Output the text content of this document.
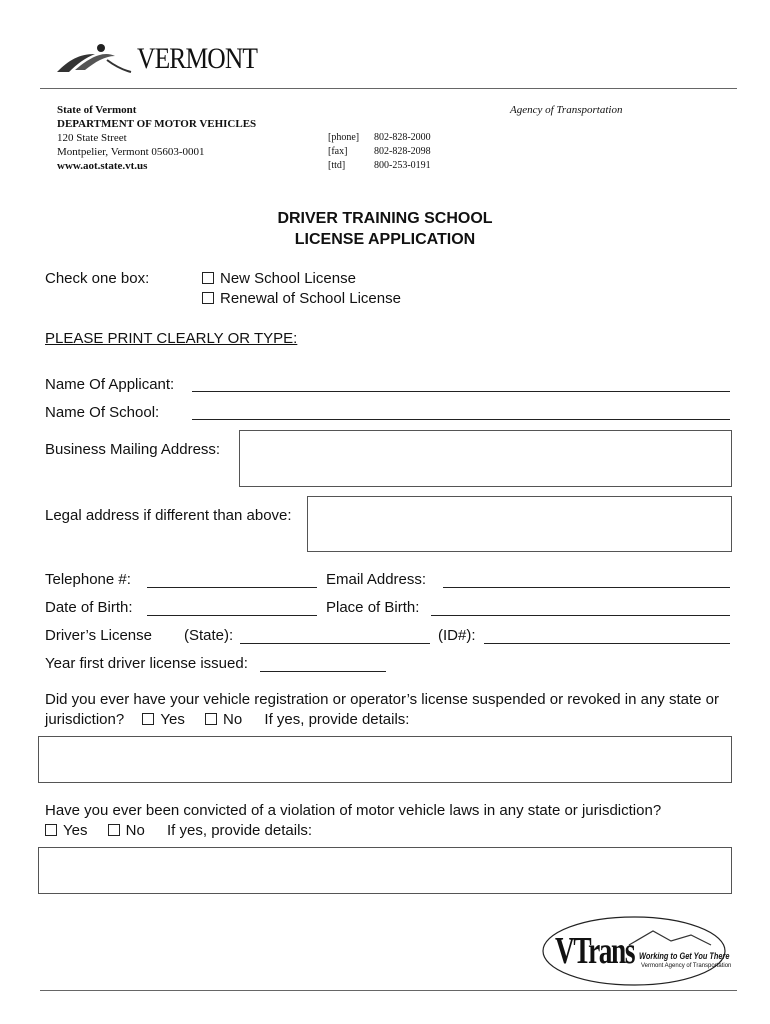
VERMONT
State of Vermont
DEPARTMENT OF MOTOR VEHICLES
120 State Street
Montpelier, Vermont 05603-0001
www.aot.state.vt.us
Agency of Transportation
[phone] 802-828-2000
[fax]	802-828-2098
[ttd]	800-253-0191
DRIVER TRAINING SCHOOL
LICENSE APPLICATION
Check one box:	New School License
Renewal of School License
PLEASE PRINT CLEARLY OR TYPE:
Name Of Applicant:
Name Of School:
Business Mailing Address:
Legal address if different than above:
Telephone #:	Email Address:
Date of Birth:	Place of Birth:
Driver’s License (State):	(ID#):
Year first driver license issued:
Did you ever have your vehicle registration or operator’s license suspended or revoked in any state or
jurisdiction? Yes	No If yes, provide details:
Have you ever been convicted of a violation of motor vehicle laws in any state or jurisdiction?
Yes	No If yes, provide details:
VTrans Working to Get You There
Vermont Agency of Transportation
